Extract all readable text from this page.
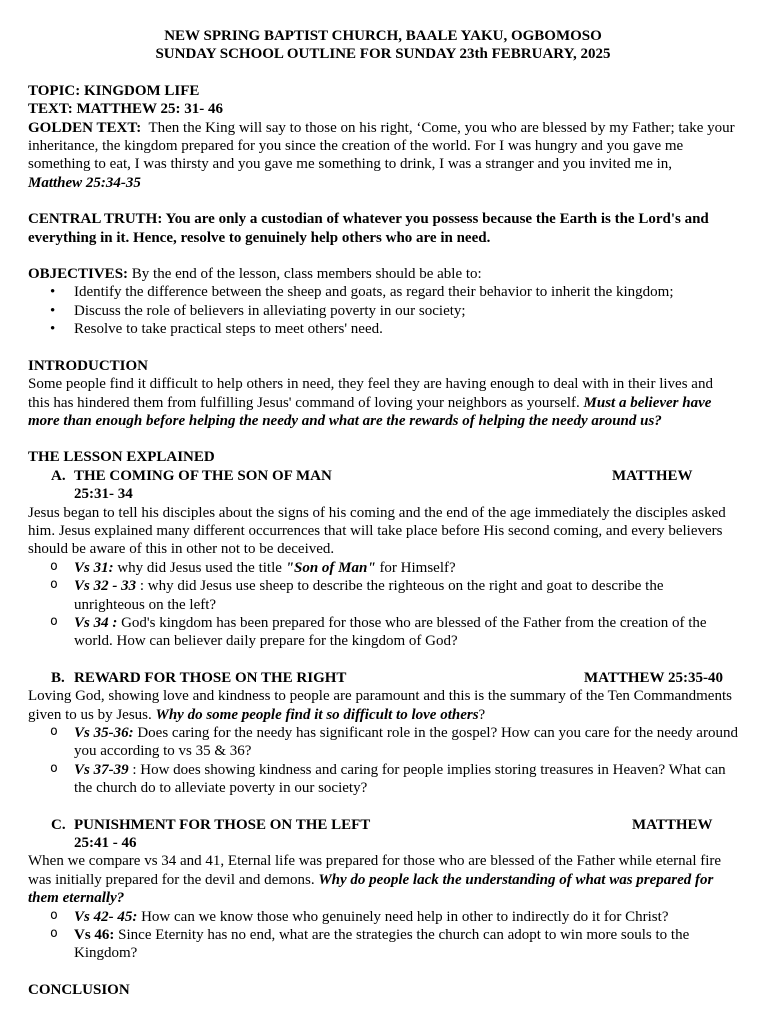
NEW SPRING BAPTIST CHURCH, BAALE YAKU, OGBOMOSO

SUNDAY SCHOOL OUTLINE FOR SUNDAY 23th FEBRUARY, 2025

TOPIC: KINGDOM LIFE

TEXT: MATTHEW 25: 31- 46

GOLDEN TEXT: Then the King will say to those on his right, ‘Come, you who are blessed by my Father; take your inheritance, the kingdom prepared for you since the creation of the world. For I was hungry and you gave me something to eat, I was thirsty and you gave me something to drink, I was a stranger and you invited me in,

Matthew 25:34-35

CENTRAL TRUTH: You are only a custodian of whatever you possess because the Earth is the Lord's and everything in it. Hence, resolve to genuinely help others who are in need.

OBJECTIVES: By the end of the lesson, class members should be able to:

• Identify the difference between the sheep and goats, as regard their behavior to inherit the kingdom;
• Discuss the role of believers in alleviating poverty in our society;
• Resolve to take practical steps to meet others' need.

INTRODUCTION

Some people find it difficult to help others in need, they feel they are having enough to deal with in their lives and this has hindered them from fulfilling Jesus' command of loving your neighbors as yourself. Must a believer have more than enough before helping the needy and what are the rewards of helping the needy around us?

THE LESSON EXPLAINED

A. THE COMING OF THE SON OF MAN	MATTHEW
25:31- 34

Jesus began to tell his disciples about the signs of his coming and the end of the age immediately the disciples asked him. Jesus explained many different occurrences that will take place before His second coming, and every believers should be aware of this in other not to be deceived.

o Vs 31: why did Jesus used the title "Son of Man" for Himself?
o Vs 32 - 33 : why did Jesus use sheep to describe the righteous on the right and goat to describe the unrighteous on the left?
o Vs 34 : God's kingdom has been prepared for those who are blessed of the Father from the creation of the world. How can believer daily prepare for the kingdom of God?
B. REWARD FOR THOSE ON THE RIGHT	MATTHEW 25:35-40

Loving God, showing love and kindness to people are paramount and this is the summary of the Ten Commandments given to us by Jesus. Why do some people find it so difficult to love others?

o Vs 35-36: Does caring for the needy has significant role in the gospel? How can you care for the needy around you according to vs 35 & 36?
o Vs 37-39 : How does showing kindness and caring for people implies storing treasures in Heaven? What can the church do to alleviate poverty in our society?
C. PUNISHMENT FOR THOSE ON THE LEFT	MATTHEW
25:41 - 46

When we compare vs 34 and 41, Eternal life was prepared for those who are blessed of the Father while eternal fire was initially prepared for the devil and demons. Why do people lack the understanding of what was prepared for them eternally?

o Vs 42- 45: How can we know those who genuinely need help in other to indirectly do it for Christ?
o Vs 46: Since Eternity has no end, what are the strategies the church can adopt to win more souls to the Kingdom?

CONCLUSION
